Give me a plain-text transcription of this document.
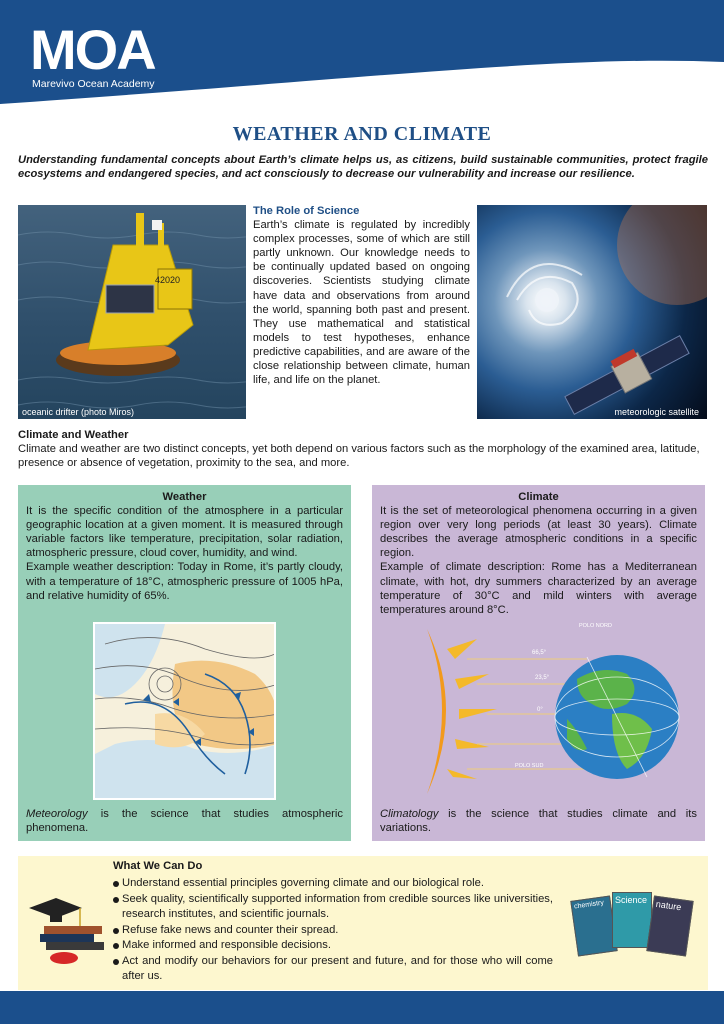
MOA
Marevivo Ocean Academy
WEATHER AND CLIMATE

Understanding fundamental concepts about Earth’s climate helps us, as citizens, build sustainable communities, protect fragile ecosystems and endangered species, and act consciously to decrease our vulnerability and increase our resilience.

42020
oceanic drifter (photo Miros)
The Role of Science

Earth’s climate is regulated by incredibly complex processes, some of which are still partly unknown. Our knowledge needs to be continually updated based on ongoing discoveries. Scientists studying climate have data and observations from around the world, spanning both past and present. They use mathematical and statistical models to test hypotheses, enhance predictive capabilities, and are aware of the close relationship between climate, human life, and life on the planet.

meteorologic satellite
Climate and Weather

Climate and weather are two distinct concepts, yet both depend on various factors such as the morphology of the examined area, latitude, presence or absence of vegetation, proximity to the sea, and more.

Weather

It is the specific condition of the atmosphere in a particular geographic location at a given moment. It is measured through variable factors like temperature, precipitation, solar radiation, atmospheric pressure, cloud cover, humidity, and wind.

Example weather description: Today in Rome, it’s partly cloudy, with a temperature of 18°C, atmospheric pressure of 1005 hPa, and relative humidity of 65%.

Meteorology is the science that studies atmospheric phenomena.

Climate

It is the set of meteorological phenomena occurring in a given region over very long periods (at least 30 years). Climate describes the average atmospheric conditions in a specific region.

Example of climate description: Rome has a Mediterranean climate, with hot, dry summers characterized by an average temperature of 30°C and mild winters with average temperatures around 8°C.

POLO NORD
POLO SUD
66,5°
23,5°
0°

Climatology is the science that studies climate and its variations.

What We Can Do
Understand essential principles governing climate and our biological role.
Seek quality, scientifically supported information from credible sources like universities, research institutes, and scientific journals.
Refuse fake news and counter their spread.
Make informed and responsible decisions.
Act and modify our behaviors for our present and future, and for those who will come after us.
chemistry	Science nature
